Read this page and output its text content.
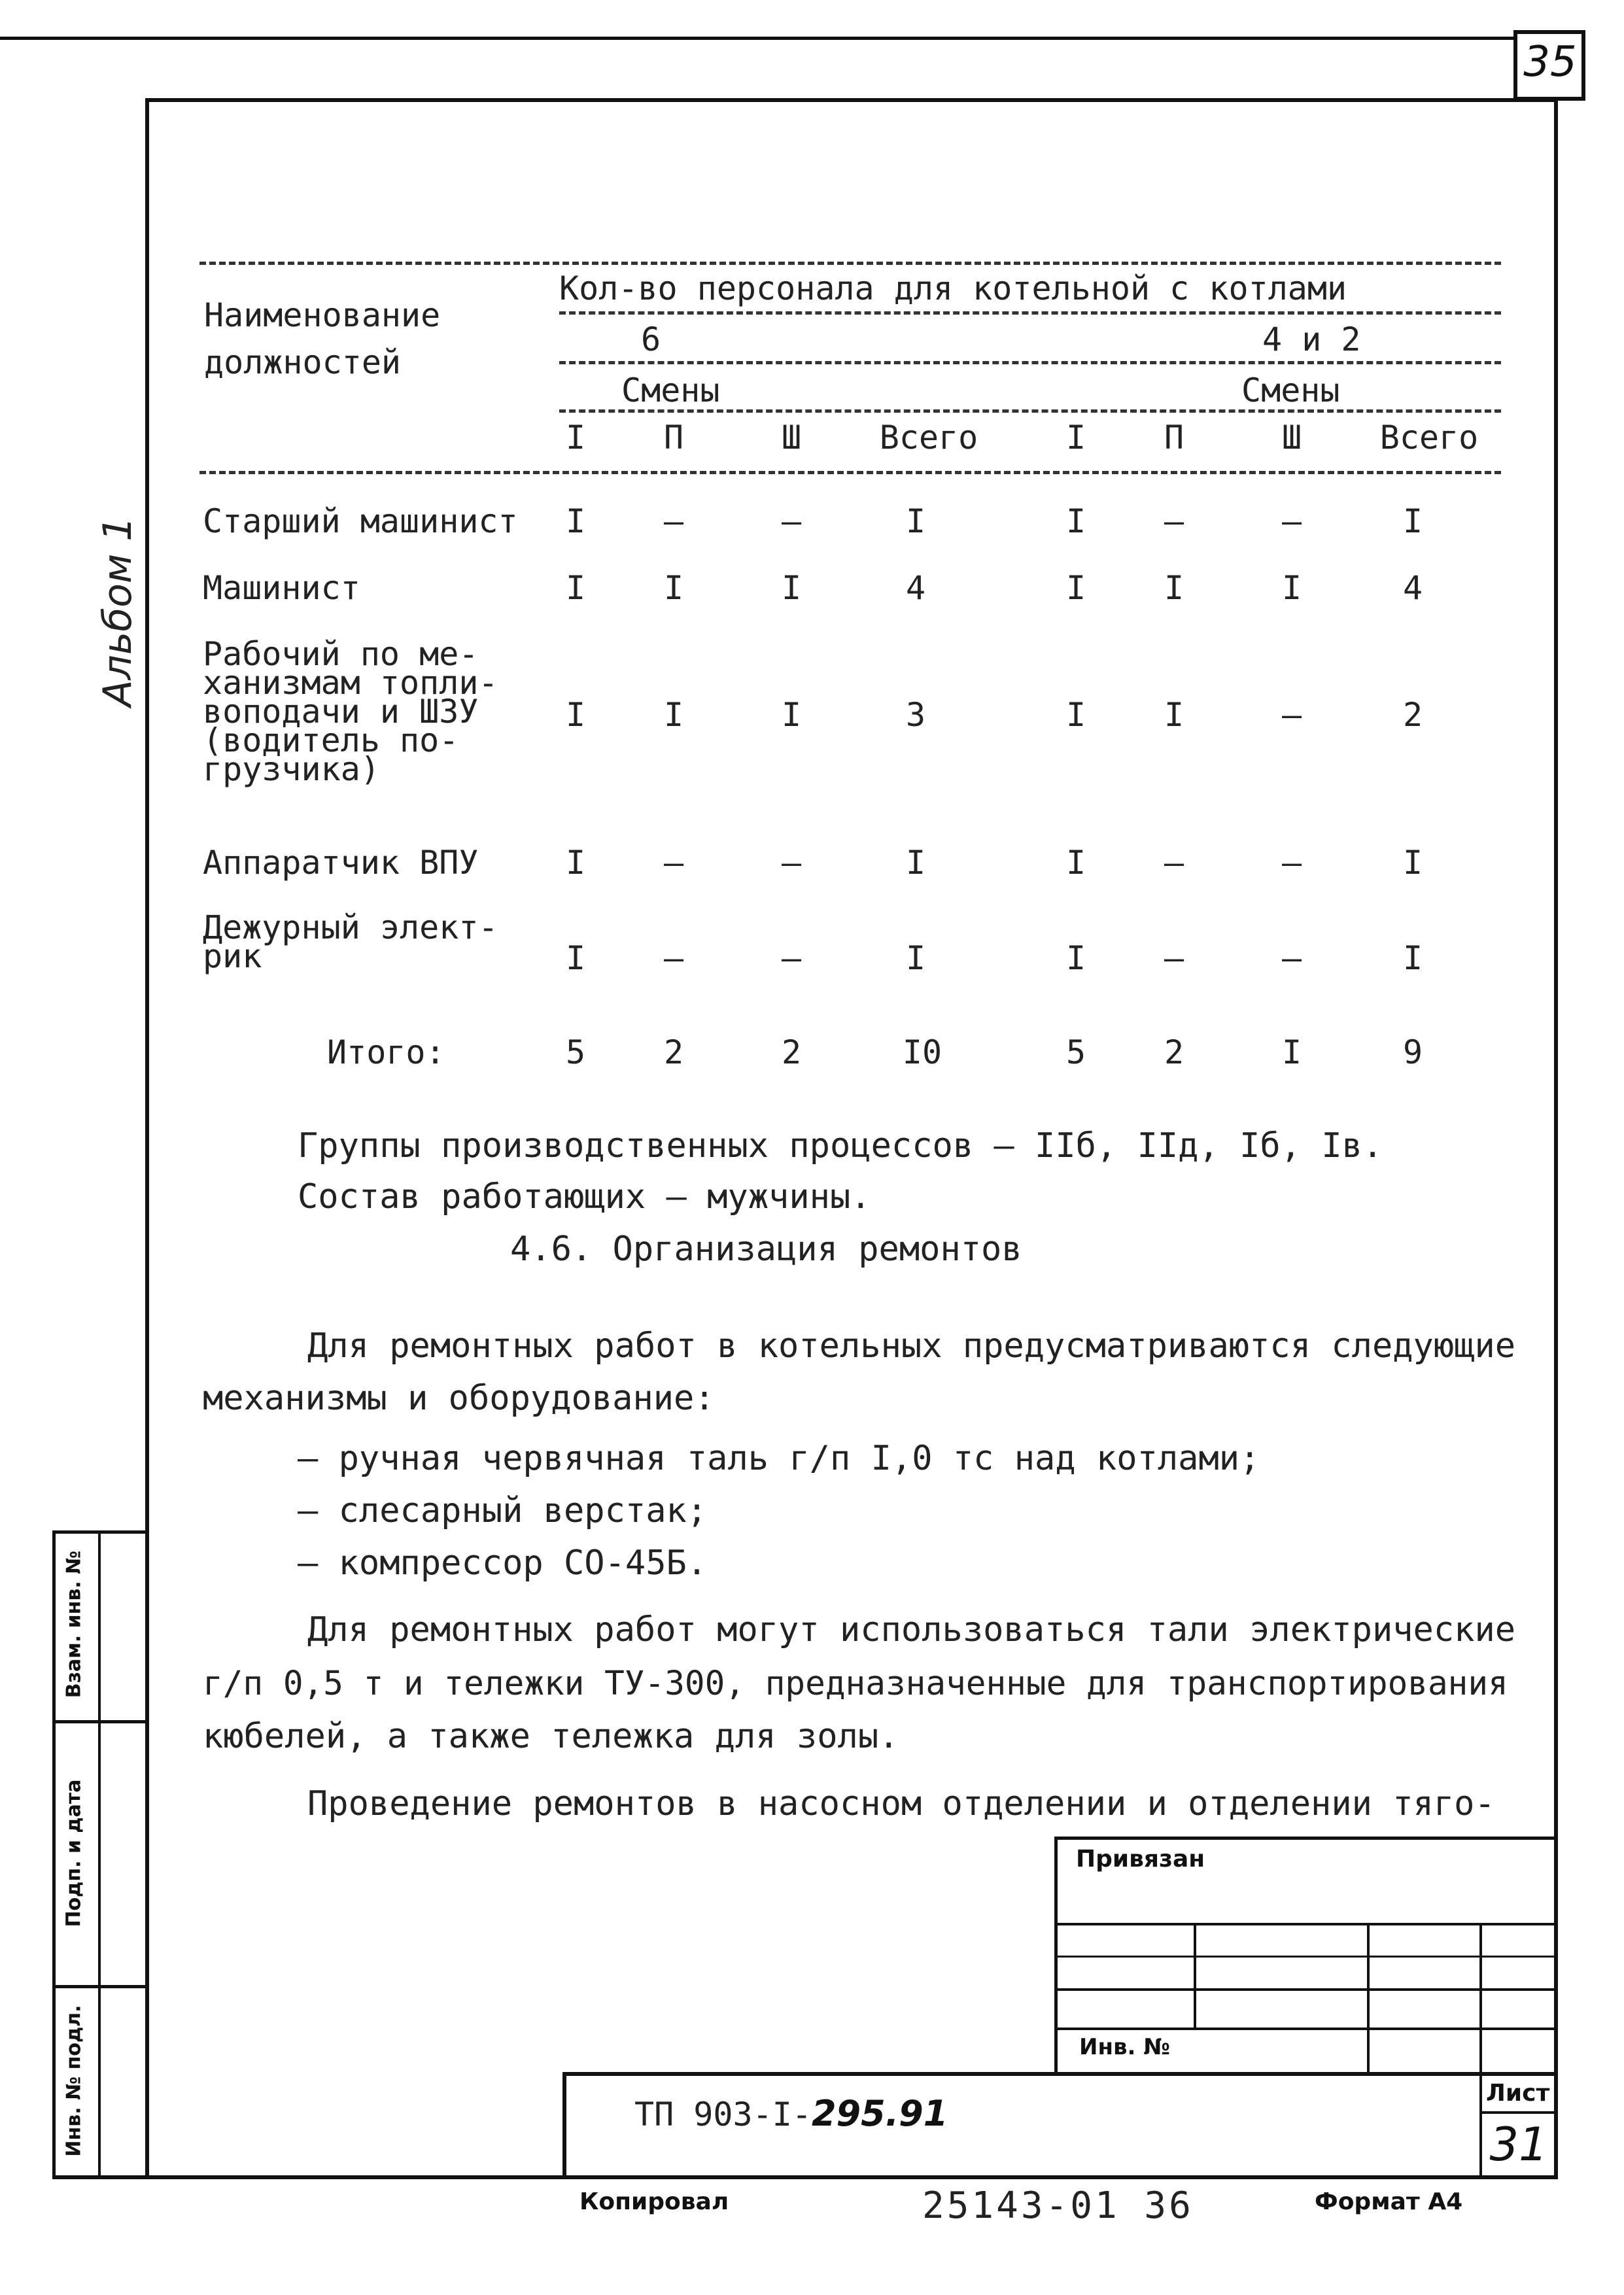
35
Альбом 1
Наименование
должностей
Кол-во персонала для котельной с котлами
6	4 и 2
Смены	Смены
I	П	Ш	Всего	I	П	Ш	Всего
Старший машинист	I	–	–	I	I	–	–	I
Машинист	I	I	I	4	I	I	I	4
Рабочий по ме-
ханизмам топли-
воподачи и ШЗУ
(водитель по-
грузчика)
I	I	I	3	I	I	–	2
Аппаратчик ВПУ	I	–	–	I	I	–	–	I
Дежурный элект-
рик	I	–	–	I	I	–	–	I
Итого:	5	2	2	I0	5	2	I	9
Группы производственных процессов – IIб, IIд, Iб, Iв.
Состав работающих – мужчины.
4.6. Организация ремонтов
Для ремонтных работ в котельных предусматриваются следующие
механизмы и оборудование:
– ручная червячная таль г/п I,0 тс над котлами;
– слесарный верстак;
– компрессор СО-45Б.
Для ремонтных работ могут использоваться тали электрические
г/п 0,5 т и тележки ТУ-300, предназначенные для транспортирования
кюбелей, а также тележка для золы.
Проведение ремонтов в насосном отделении и отделении тяго-
Взам. инв. №
Подп. и дата
Инв. № подл.
Привязан
Инв. №
ТП 903-I-295.91	Лист
31
Копировал	25143-01 36	Формат А4
